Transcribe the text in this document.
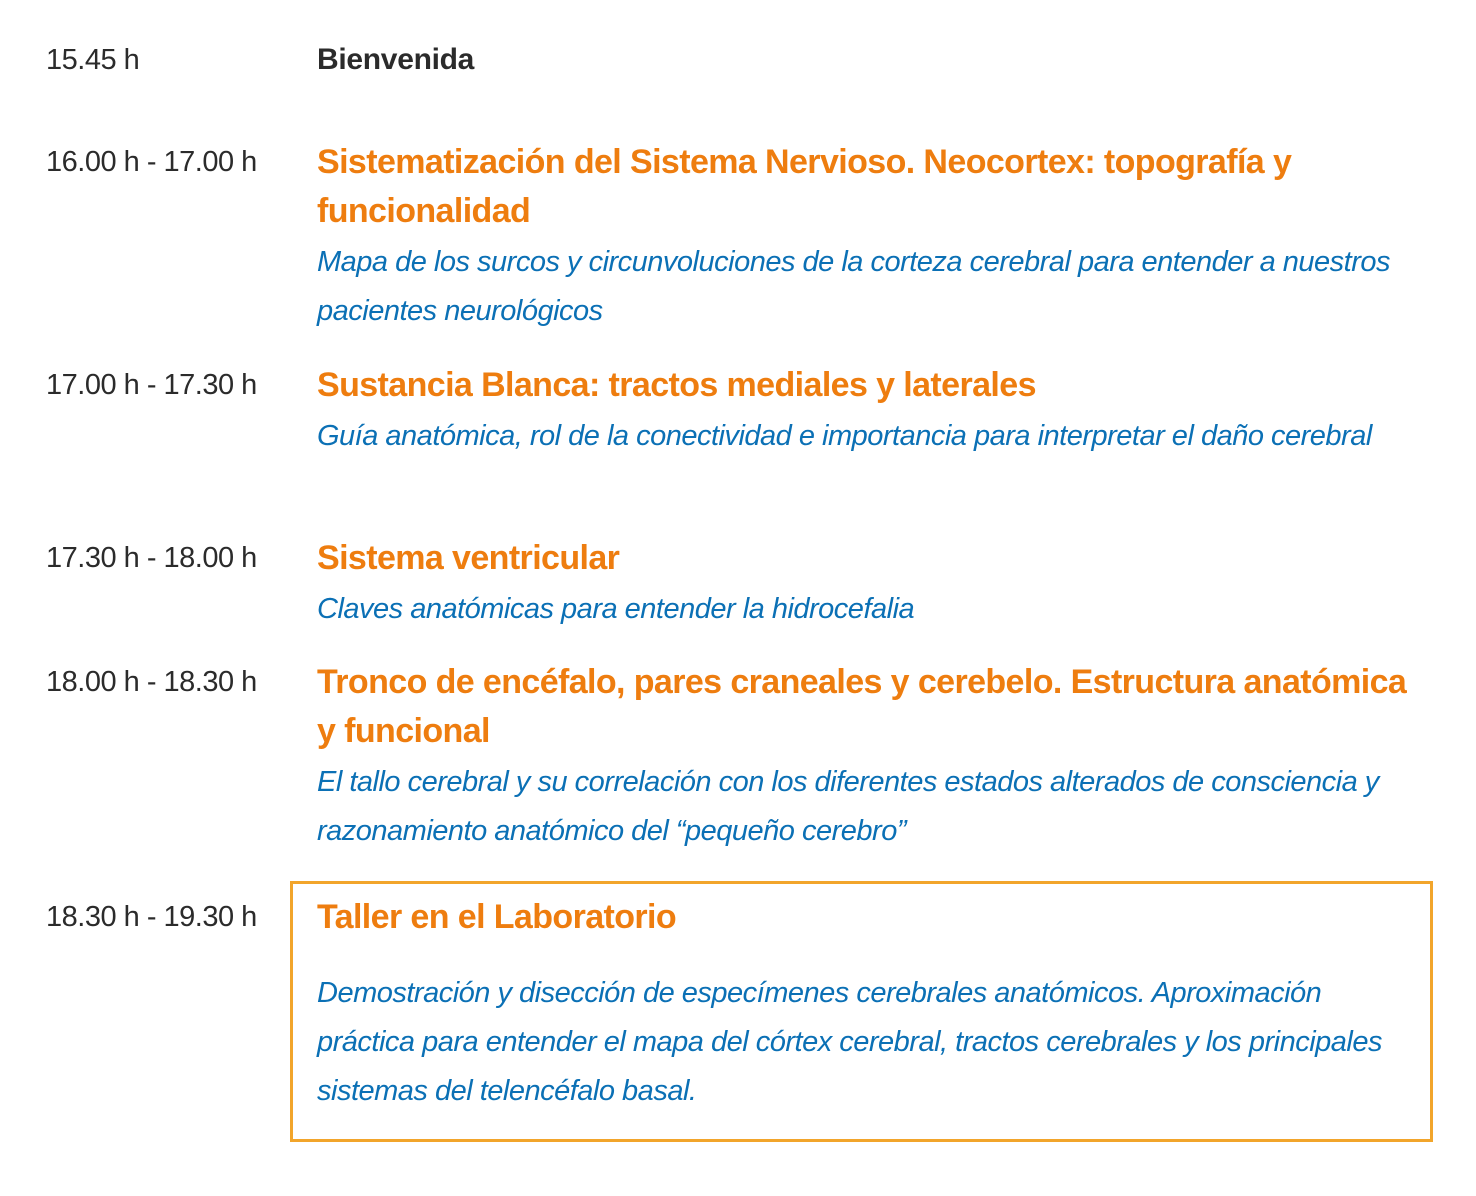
15.45 h	Bienvenida
16.00 h - 17.00 h Sistematización del Sistema Nervioso. Neocortex: topografía y funcionalidad
Mapa de los surcos y circunvoluciones de la corteza cerebral para entender a nuestros pacientes neurológicos
17.00 h - 17.30 h Sustancia Blanca: tractos mediales y laterales
Guía anatómica, rol de la conectividad e importancia para interpretar el daño cerebral
17.30 h - 18.00 h Sistema ventricular
Claves anatómicas para entender la hidrocefalia
18.00 h - 18.30 h Tronco de encéfalo, pares craneales y cerebelo. Estructura anatómica y funcional
El tallo cerebral y su correlación con los diferentes estados alterados de consciencia y razonamiento anatómico del “pequeño cerebro”
18.30 h - 19.30 h Taller en el Laboratorio
Demostración y disección de especímenes cerebrales anatómicos. Aproximación práctica para entender el mapa del córtex cerebral, tractos cerebrales y los principales sistemas del telencéfalo basal.
